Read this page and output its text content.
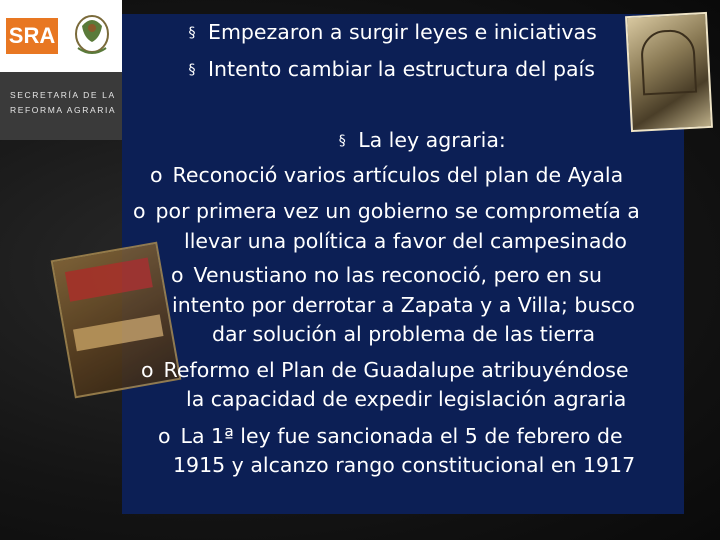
SRA
SECRETARÍA DE LA
REFORMA AGRARIA
§ Empezaron a surgir leyes e iniciativas
§ Intento cambiar la estructura del país
§ La ley agraria:
o Reconoció varios artículos del plan de Ayala
o por primera vez un gobierno se comprometía a
llevar una política a favor del campesinado
o Venustiano no las reconoció, pero en su
intento por derrotar a Zapata y a Villa; busco
dar solución al problema de las tierra
o Reformo el Plan de Guadalupe atribuyéndose
la capacidad de expedir legislación agraria
o La 1ª ley fue sancionada el 5 de febrero de
1915 y alcanzo rango constitucional en 1917
